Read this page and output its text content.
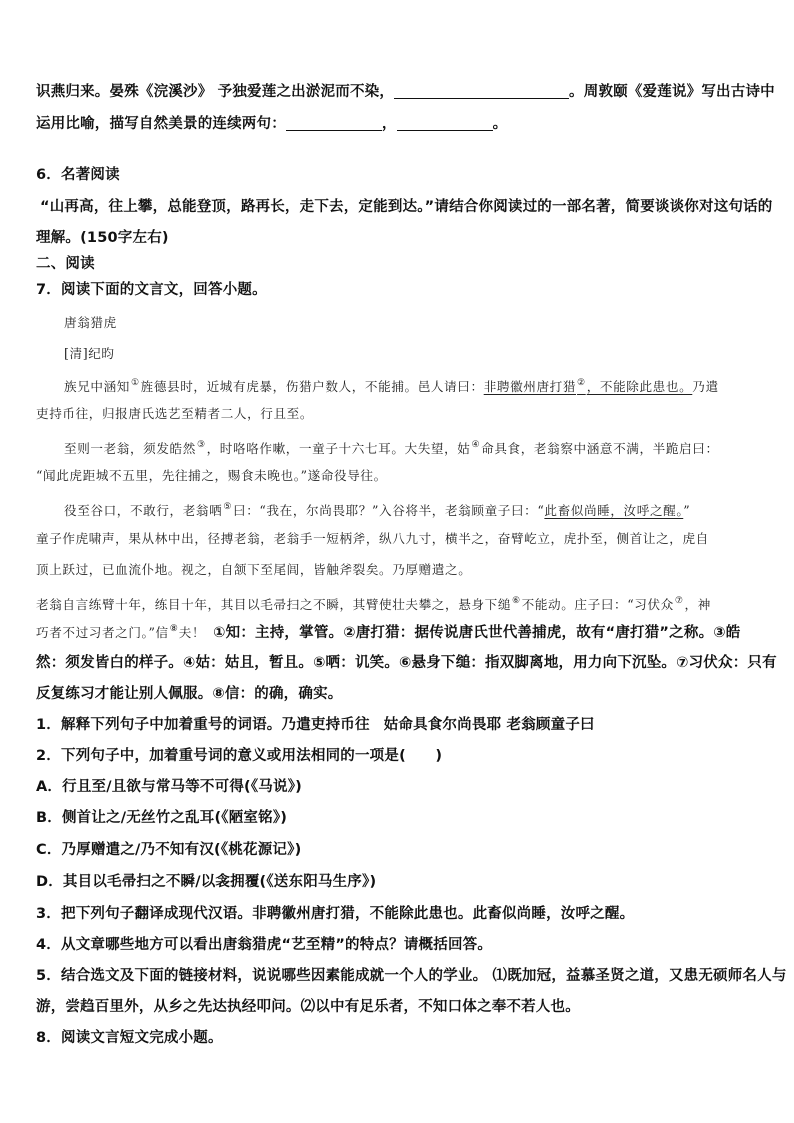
识燕归来。晏殊《浣溪沙》 予独爱莲之出淤泥而不染，	。周敦颐《爱莲说》写出古诗中
运用比喻，描写自然美景的连续两句：	，	。
6．名著阅读
“山再高，往上攀，总能登顶，路再长，走下去，定能到达。”请结合你阅读过的一部名著，简要谈谈你对这句话的
理解。(150字左右)
二、阅读
7．阅读下面的文言文，回答小题。
唐翁猎虎
[清]纪昀
族兄中涵知①旌德县时，近城有虎暴，伤猎户数人，不能捕。邑人请曰：非聘徽州唐打猎②，不能除此患也。乃遣
吏持币往，归报唐氏选艺至精者二人，行且至。
至则一老翁，须发皓然③，时咯咯作嗽，一童子十六七耳。大失望，姑④命具食，老翁察中涵意不满，半跪启曰：
“闻此虎距城不五里，先往捕之，赐食未晚也。”遂命役导往。
役至谷口，不敢行，老翁哂⑤曰：“我在，尔尚畏耶？”入谷将半，老翁顾童子曰：“此畜似尚睡，汝呼之醒。”
童子作虎啸声，果从林中出，径搏老翁，老翁手一短柄斧，纵八九寸，横半之，奋臂屹立，虎扑至，侧首让之，虎自
顶上跃过，已血流仆地。视之，自颔下至尾闾，皆触斧裂矣。乃厚赠遣之。
老翁自言练臂十年，练目十年，其目以毛帚扫之不瞬，其臂使壮夫攀之，悬身下缒⑥不能动。庄子曰：“习伏众⑦，神
巧者不过习者之门。”信⑧夫！ ①知：主持，掌管。②唐打猎：据传说唐氏世代善捕虎，故有“唐打猎”之称。③皓
然：须发皆白的样子。④姑：姑且，暂且。⑤哂：讥笑。⑥悬身下缒：指双脚离地，用力向下沉坠。⑦习伏众：只有
反复练习才能让别人佩服。⑧信：的确，确实。
1．解释下列句子中加着重号的词语。乃遣吏持币往 姑命具食尔尚畏耶 老翁顾童子曰
2．下列句子中，加着重号词的意义或用法相同的一项是(　　)
A．行且至/且欲与常马等不可得(《马说》)
B．侧首让之/无丝竹之乱耳(《陋室铭》)
C．乃厚赠遣之/乃不知有汉(《桃花源记》)
D．其目以毛帚扫之不瞬/以衾拥覆(《送东阳马生序》)
3．把下列句子翻译成现代汉语。非聘徽州唐打猎，不能除此患也。此畜似尚睡，汝呼之醒。
4．从文章哪些地方可以看出唐翁猎虎“艺至精”的特点？请概括回答。
5．结合选文及下面的链接材料，说说哪些因素能成就一个人的学业。 ⑴既加冠，益慕圣贤之道，又患无硕师名人与
游，尝趋百里外，从乡之先达执经叩问。⑵以中有足乐者，不知口体之奉不若人也。
8．阅读文言短文完成小题。
